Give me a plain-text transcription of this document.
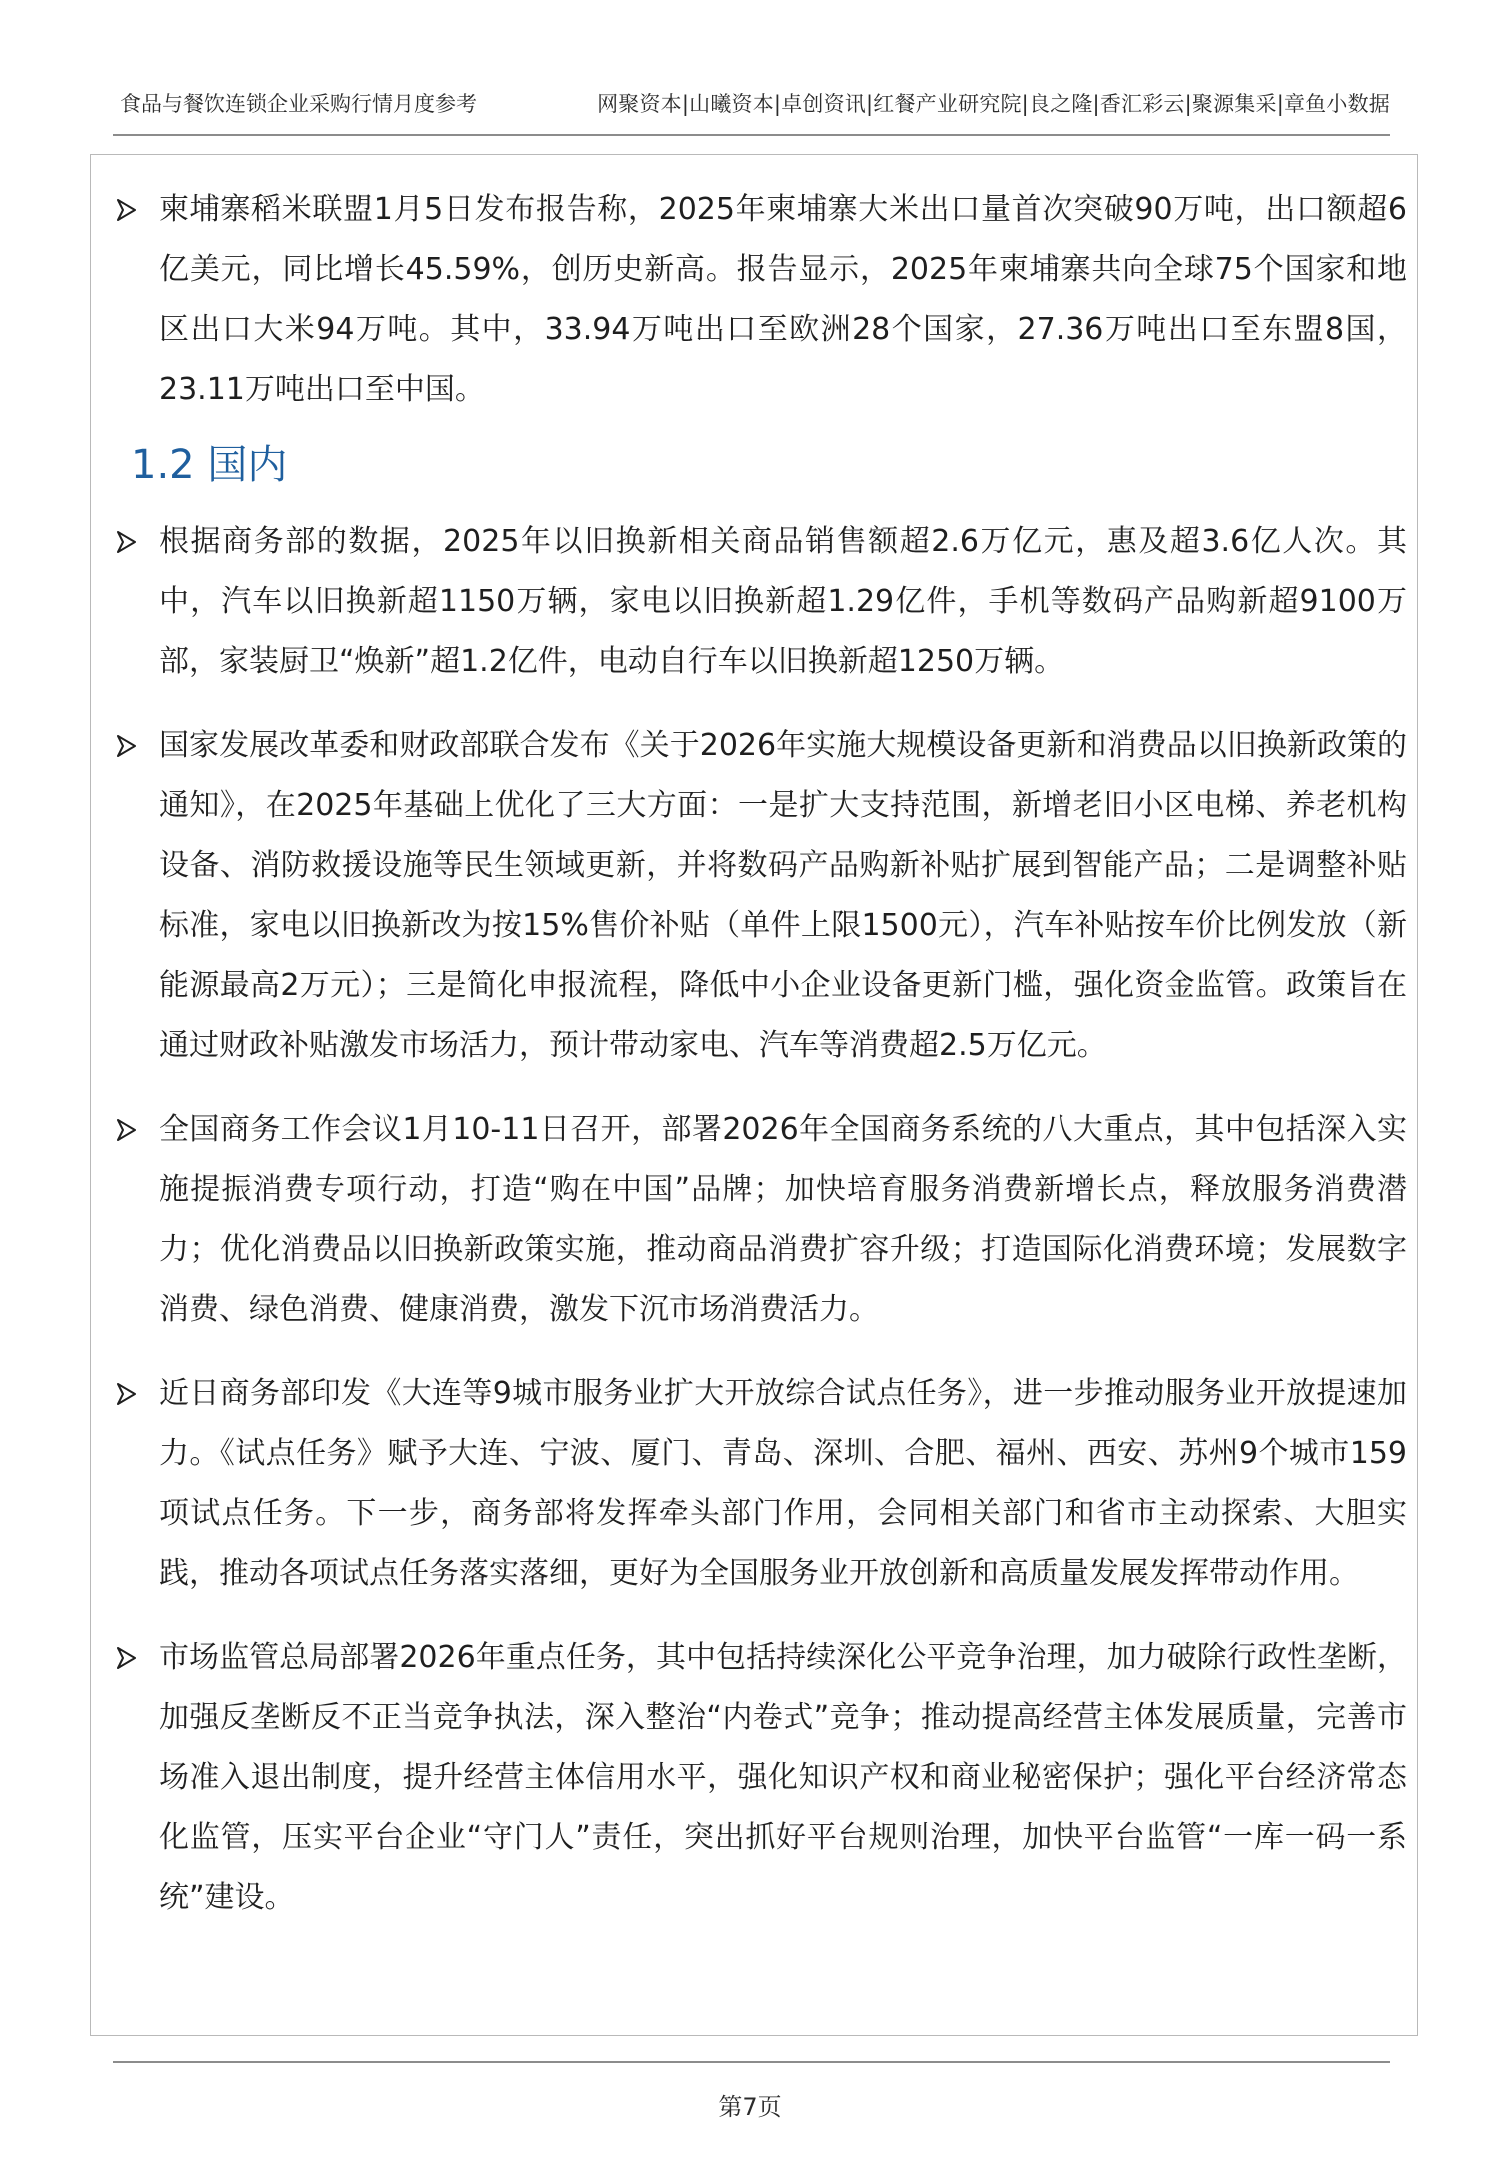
食品与餐饮连锁企业采购行情月度参考	网聚资本|山曦资本|卓创资讯|红餐产业研究院|良之隆|香汇彩云|聚源集采|章鱼小数据
柬埔寨稻米联盟1月5日发布报告称，2025年柬埔寨大米出口量首次突破90万吨，出口额超6亿美元，同比增长45.59%，创历史新高。报告显示，2025年柬埔寨共向全球75个国家和地区出口大米94万吨。其中，33.94万吨出口至欧洲28个国家，27.36万吨出口至东盟8国，23.11万吨出口至中国。
1.2 国内
根据商务部的数据，2025年以旧换新相关商品销售额超2.6万亿元，惠及超3.6亿人次。其中，汽车以旧换新超1150万辆，家电以旧换新超1.29亿件，手机等数码产品购新超9100万部，家装厨卫“焕新”超1.2亿件，电动自行车以旧换新超1250万辆。
国家发展改革委和财政部联合发布《关于2026年实施大规模设备更新和消费品以旧换新政策的通知》，在2025年基础上优化了三大方面：一是扩大支持范围，新增老旧小区电梯、养老机构设备、消防救援设施等民生领域更新，并将数码产品购新补贴扩展到智能产品；二是调整补贴标准，家电以旧换新改为按15%售价补贴（单件上限1500元），汽车补贴按车价比例发放（新能源最高2万元）；三是简化申报流程，降低中小企业设备更新门槛，强化资金监管。政策旨在通过财政补贴激发市场活力，预计带动家电、汽车等消费超2.5万亿元。
全国商务工作会议1月10-11日召开，部署2026年全国商务系统的八大重点，其中包括深入实施提振消费专项行动，打造“购在中国”品牌；加快培育服务消费新增长点，释放服务消费潜力；优化消费品以旧换新政策实施，推动商品消费扩容升级；打造国际化消费环境；发展数字消费、绿色消费、健康消费，激发下沉市场消费活力。
近日商务部印发《大连等9城市服务业扩大开放综合试点任务》，进一步推动服务业开放提速加力。《试点任务》赋予大连、宁波、厦门、青岛、深圳、合肥、福州、西安、苏州9个城市159项试点任务。下一步，商务部将发挥牵头部门作用，会同相关部门和省市主动探索、大胆实践，推动各项试点任务落实落细，更好为全国服务业开放创新和高质量发展发挥带动作用。
市场监管总局部署2026年重点任务，其中包括持续深化公平竞争治理，加力破除行政性垄断，加强反垄断反不正当竞争执法，深入整治“内卷式”竞争；推动提高经营主体发展质量，完善市场准入退出制度，提升经营主体信用水平，强化知识产权和商业秘密保护；强化平台经济常态化监管，压实平台企业“守门人”责任，突出抓好平台规则治理，加快平台监管“一库一码一系统”建设。
第7页
